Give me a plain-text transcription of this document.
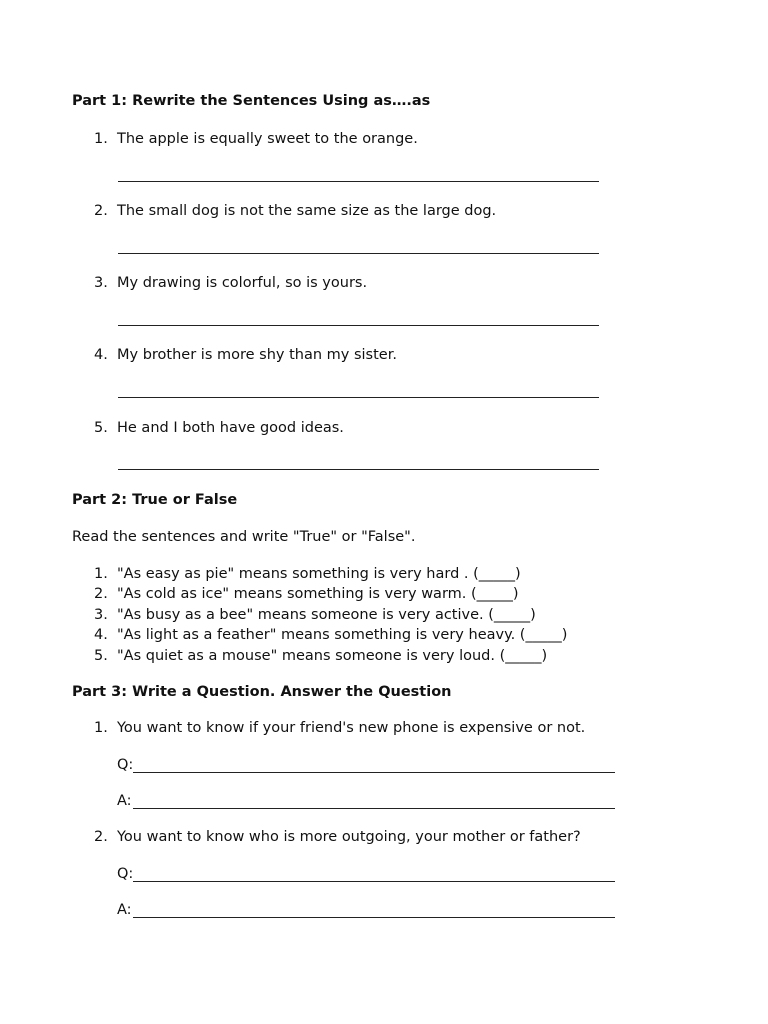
Part 1: Rewrite the Sentences Using as….as
1. The apple is equally sweet to the orange.
2. The small dog is not the same size as the large dog.
3. My drawing is colorful, so is yours.
4. My brother is more shy than my sister.
5. He and I both have good ideas.
Part 2: True or False
Read the sentences and write "True" or "False".
1. "As easy as pie" means something is very hard . (_____)
2. "As cold as ice" means something is very warm. (_____)
3. "As busy as a bee" means someone is very active. (_____)
4. "As light as a feather" means something is very heavy. (_____)
5. "As quiet as a mouse" means someone is very loud. (_____)
Part 3: Write a Question. Answer the Question
1. You want to know if your friend's new phone is expensive or not.
Q:
A:
2. You want to know who is more outgoing, your mother or father?
Q:
A:
